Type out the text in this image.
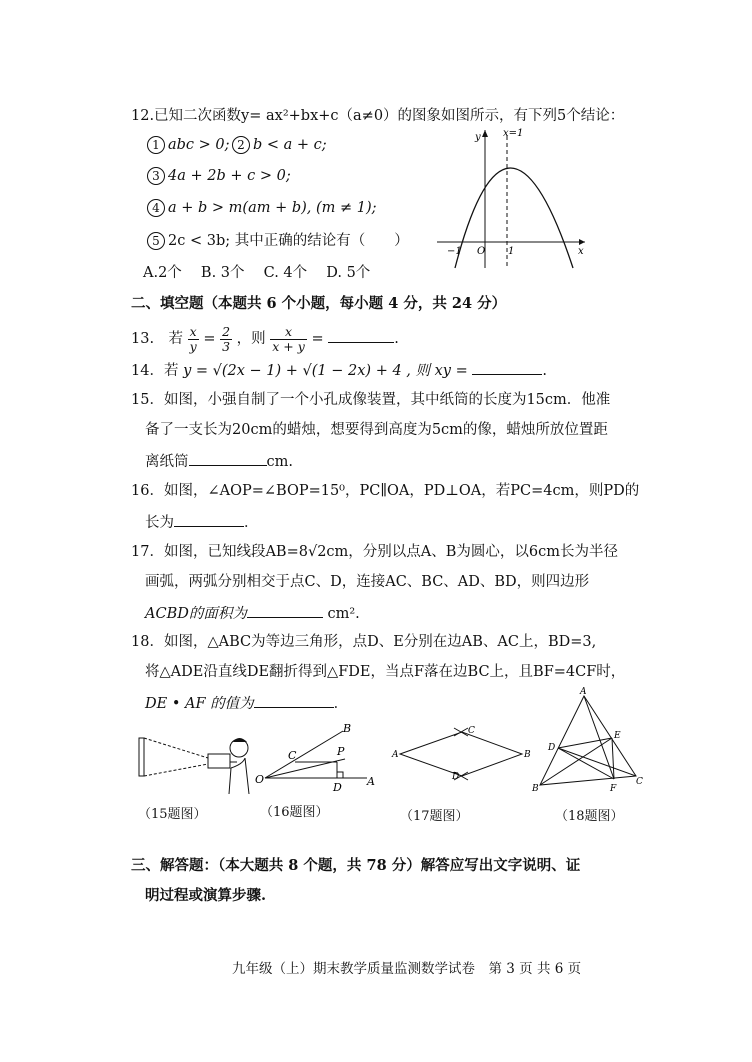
12.已知二次函数y= ax²+bx+c（a≠0）的图象如图所示，有下列5个结论：
1 abc > 0; 2 b < a + c;
3 4a + 2b + c > 0;
4 a + b > m(am + b), (m ≠ 1);
5 2c < 3b; 其中正确的结论有（　　）
A.2个　 B. 3个　 C. 4个　 D. 5个
x=1
y
x
O
−1	1
二、填空题（本题共 6 个小题，每小题 4 分，共 24 分）
13.　若 $\frac{x}{y} = \frac{2}{3}$ ，则 $\frac{x}{x + y}$ =	.
14．若 y = √(2x − 1) + √(1 − 2x) + 4 , 则 xy =	.
15．如图，小强自制了一个小孔成像装置，其中纸筒的长度为15cm．他准
备了一支长为20cm的蜡烛，想要得到高度为5cm的像，蜡烛所放位置距
离纸筒	cm.
16．如图，∠AOP=∠BOP=15⁰，PC∥OA，PD⊥OA，若PC=4cm，则PD的
长为	．
17．如图，已知线段AB=8√2cm，分别以点A、B为圆心，以6cm长为半径
画弧，两弧分别相交于点C、D，连接AC、BC、AD、BD，则四边形
ACBD的面积为	cm².
18．如图，△ABC为等边三角形，点D、E分别在边AB、AC上，BD=3,
将△ADE沿直线DE翻折得到△FDE，当点F落在边BC上，且BF=4CF时，
DE • AF 的值为	．
B
C	P
O
D A
A	B
C
D
A
B
C
D
E
F
（15题图）	（16题图）	（17题图）	（18题图）
三、解答题：（本大题共 8 个题，共 78 分）解答应写出文字说明、证
明过程或演算步骤.
九年级（上）期末教学质量监测数学试卷　第 3 页 共 6 页
